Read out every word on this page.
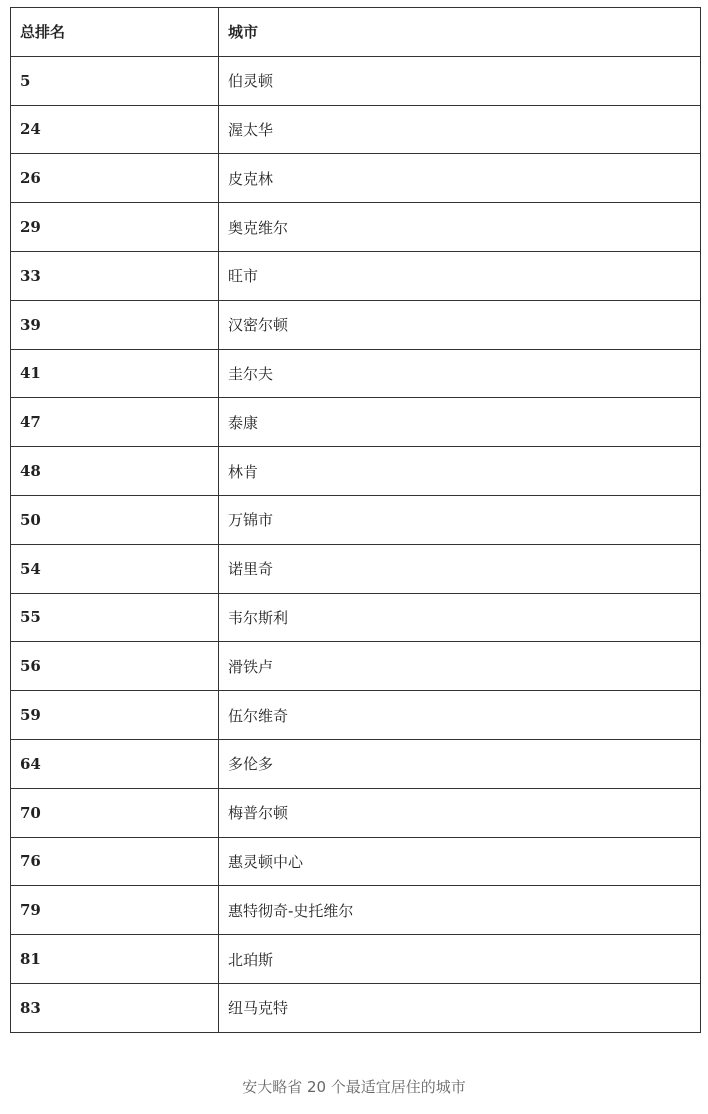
总排名	城市
5	伯灵顿
24	渥太华
26	皮克林
29	奥克维尔
33	旺市
39	汉密尔顿
41	圭尔夫
47	泰康
48	林肯
50	万锦市
54	诺里奇
55	韦尔斯利
56	滑铁卢
59	伍尔维奇
64	多伦多
70	梅普尔顿
76	惠灵顿中心
79	惠特彻奇-史托维尔
81	北珀斯
83	纽马克特
安大略省 20 个最适宜居住的城市
